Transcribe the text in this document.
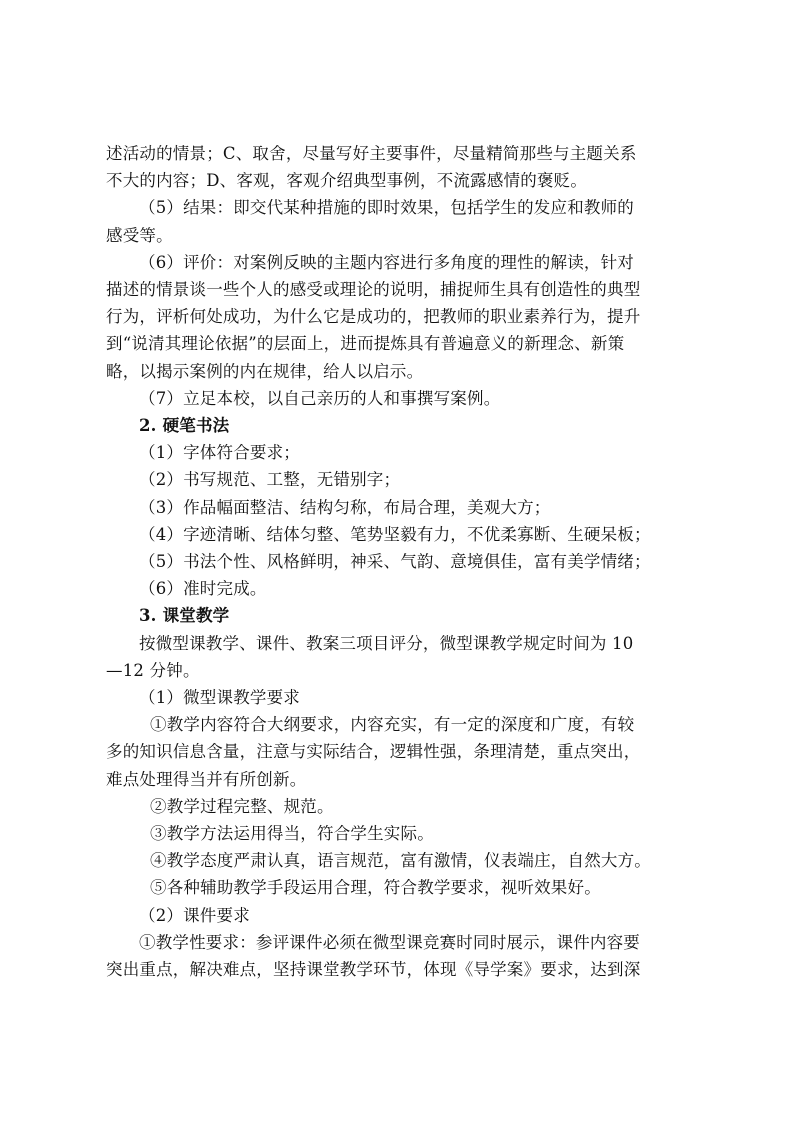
述活动的情景；C、取舍，尽量写好主要事件，尽量精简那些与主题关系

不大的内容；D、客观，客观介绍典型事例，不流露感情的褒贬。

（5）结果：即交代某种措施的即时效果，包括学生的发应和教师的

感受等。

（6）评价：对案例反映的主题内容进行多角度的理性的解读，针对

描述的情景谈一些个人的感受或理论的说明，捕捉师生具有创造性的典型

行为，评析何处成功，为什么它是成功的，把教师的职业素养行为，提升

到“说清其理论依据”的层面上，进而提炼具有普遍意义的新理念、新策

略，以揭示案例的内在规律，给人以启示。

（7）立足本校，以自己亲历的人和事撰写案例。

2. 硬笔书法

（1）字体符合要求；

（2）书写规范、工整，无错别字；

（3）作品幅面整洁、结构匀称，布局合理，美观大方；

（4）字迹清晰、结体匀整、笔势坚毅有力，不优柔寡断、生硬呆板；

（5）书法个性、风格鲜明，神采、气韵、意境俱佳，富有美学情绪；

（6）准时完成。

3. 课堂教学

按微型课教学、课件、教案三项目评分，微型课教学规定时间为 10

—12 分钟。

（1）微型课教学要求

①教学内容符合大纲要求，内容充实，有一定的深度和广度，有较

多的知识信息含量，注意与实际结合，逻辑性强，条理清楚，重点突出，

难点处理得当并有所创新。

②教学过程完整、规范。

③教学方法运用得当，符合学生实际。

④教学态度严肃认真，语言规范，富有激情，仪表端庄，自然大方。

⑤各种辅助教学手段运用合理，符合教学要求，视听效果好。

（2）课件要求

①教学性要求：参评课件必须在微型课竞赛时同时展示，课件内容要

突出重点，解决难点，坚持课堂教学环节，体现《导学案》要求，达到深
